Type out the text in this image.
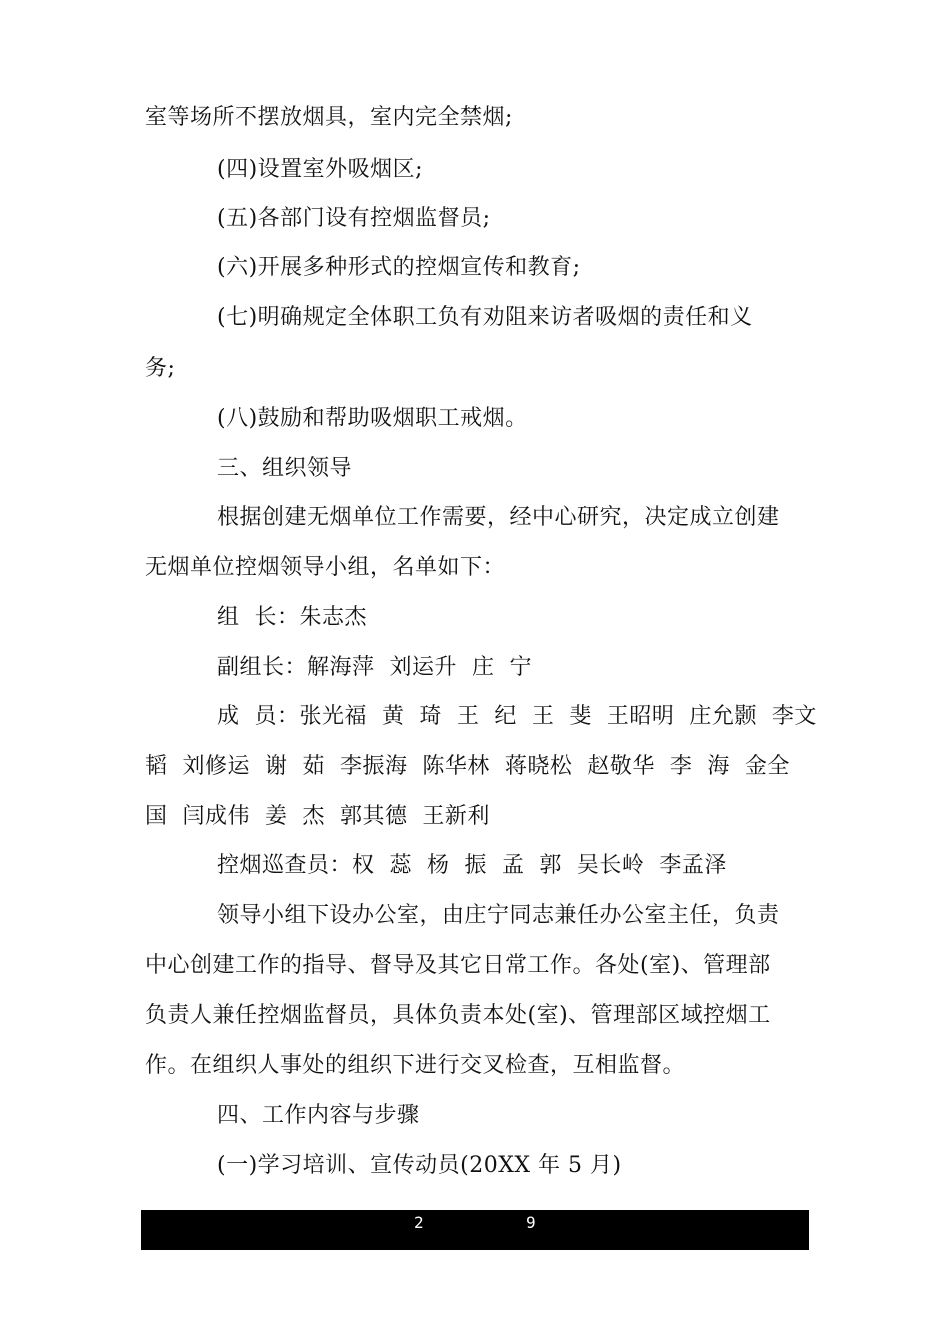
室等场所不摆放烟具，室内完全禁烟;
(四)设置室外吸烟区;
(五)各部门设有控烟监督员;
(六)开展多种形式的控烟宣传和教育;
(七)明确规定全体职工负有劝阻来访者吸烟的责任和义
务;
(八)鼓励和帮助吸烟职工戒烟。
三、组织领导
根据创建无烟单位工作需要，经中心研究，决定成立创建
无烟单位控烟领导小组，名单如下：
组  长：朱志杰
副组长：解海萍  刘运升  庄  宁
成  员：张光福  黄  琦  王  纪  王  斐  王昭明  庄允颢  李文
韬  刘修运  谢  茹  李振海  陈华林  蒋晓松  赵敬华  李  海  金全
国  闫成伟  姜  杰  郭其德  王新利
控烟巡查员：权  蕊  杨  振  孟  郭  吴长岭  李孟泽
领导小组下设办公室，由庄宁同志兼任办公室主任，负责
中心创建工作的指导、督导及其它日常工作。各处(室)、管理部
负责人兼任控烟监督员，具体负责本处(室)、管理部区域控烟工
作。在组织人事处的组织下进行交叉检查，互相监督。
四、工作内容与步骤
(一)学习培训、宣传动员(20XX 年 5 月)
2	9
